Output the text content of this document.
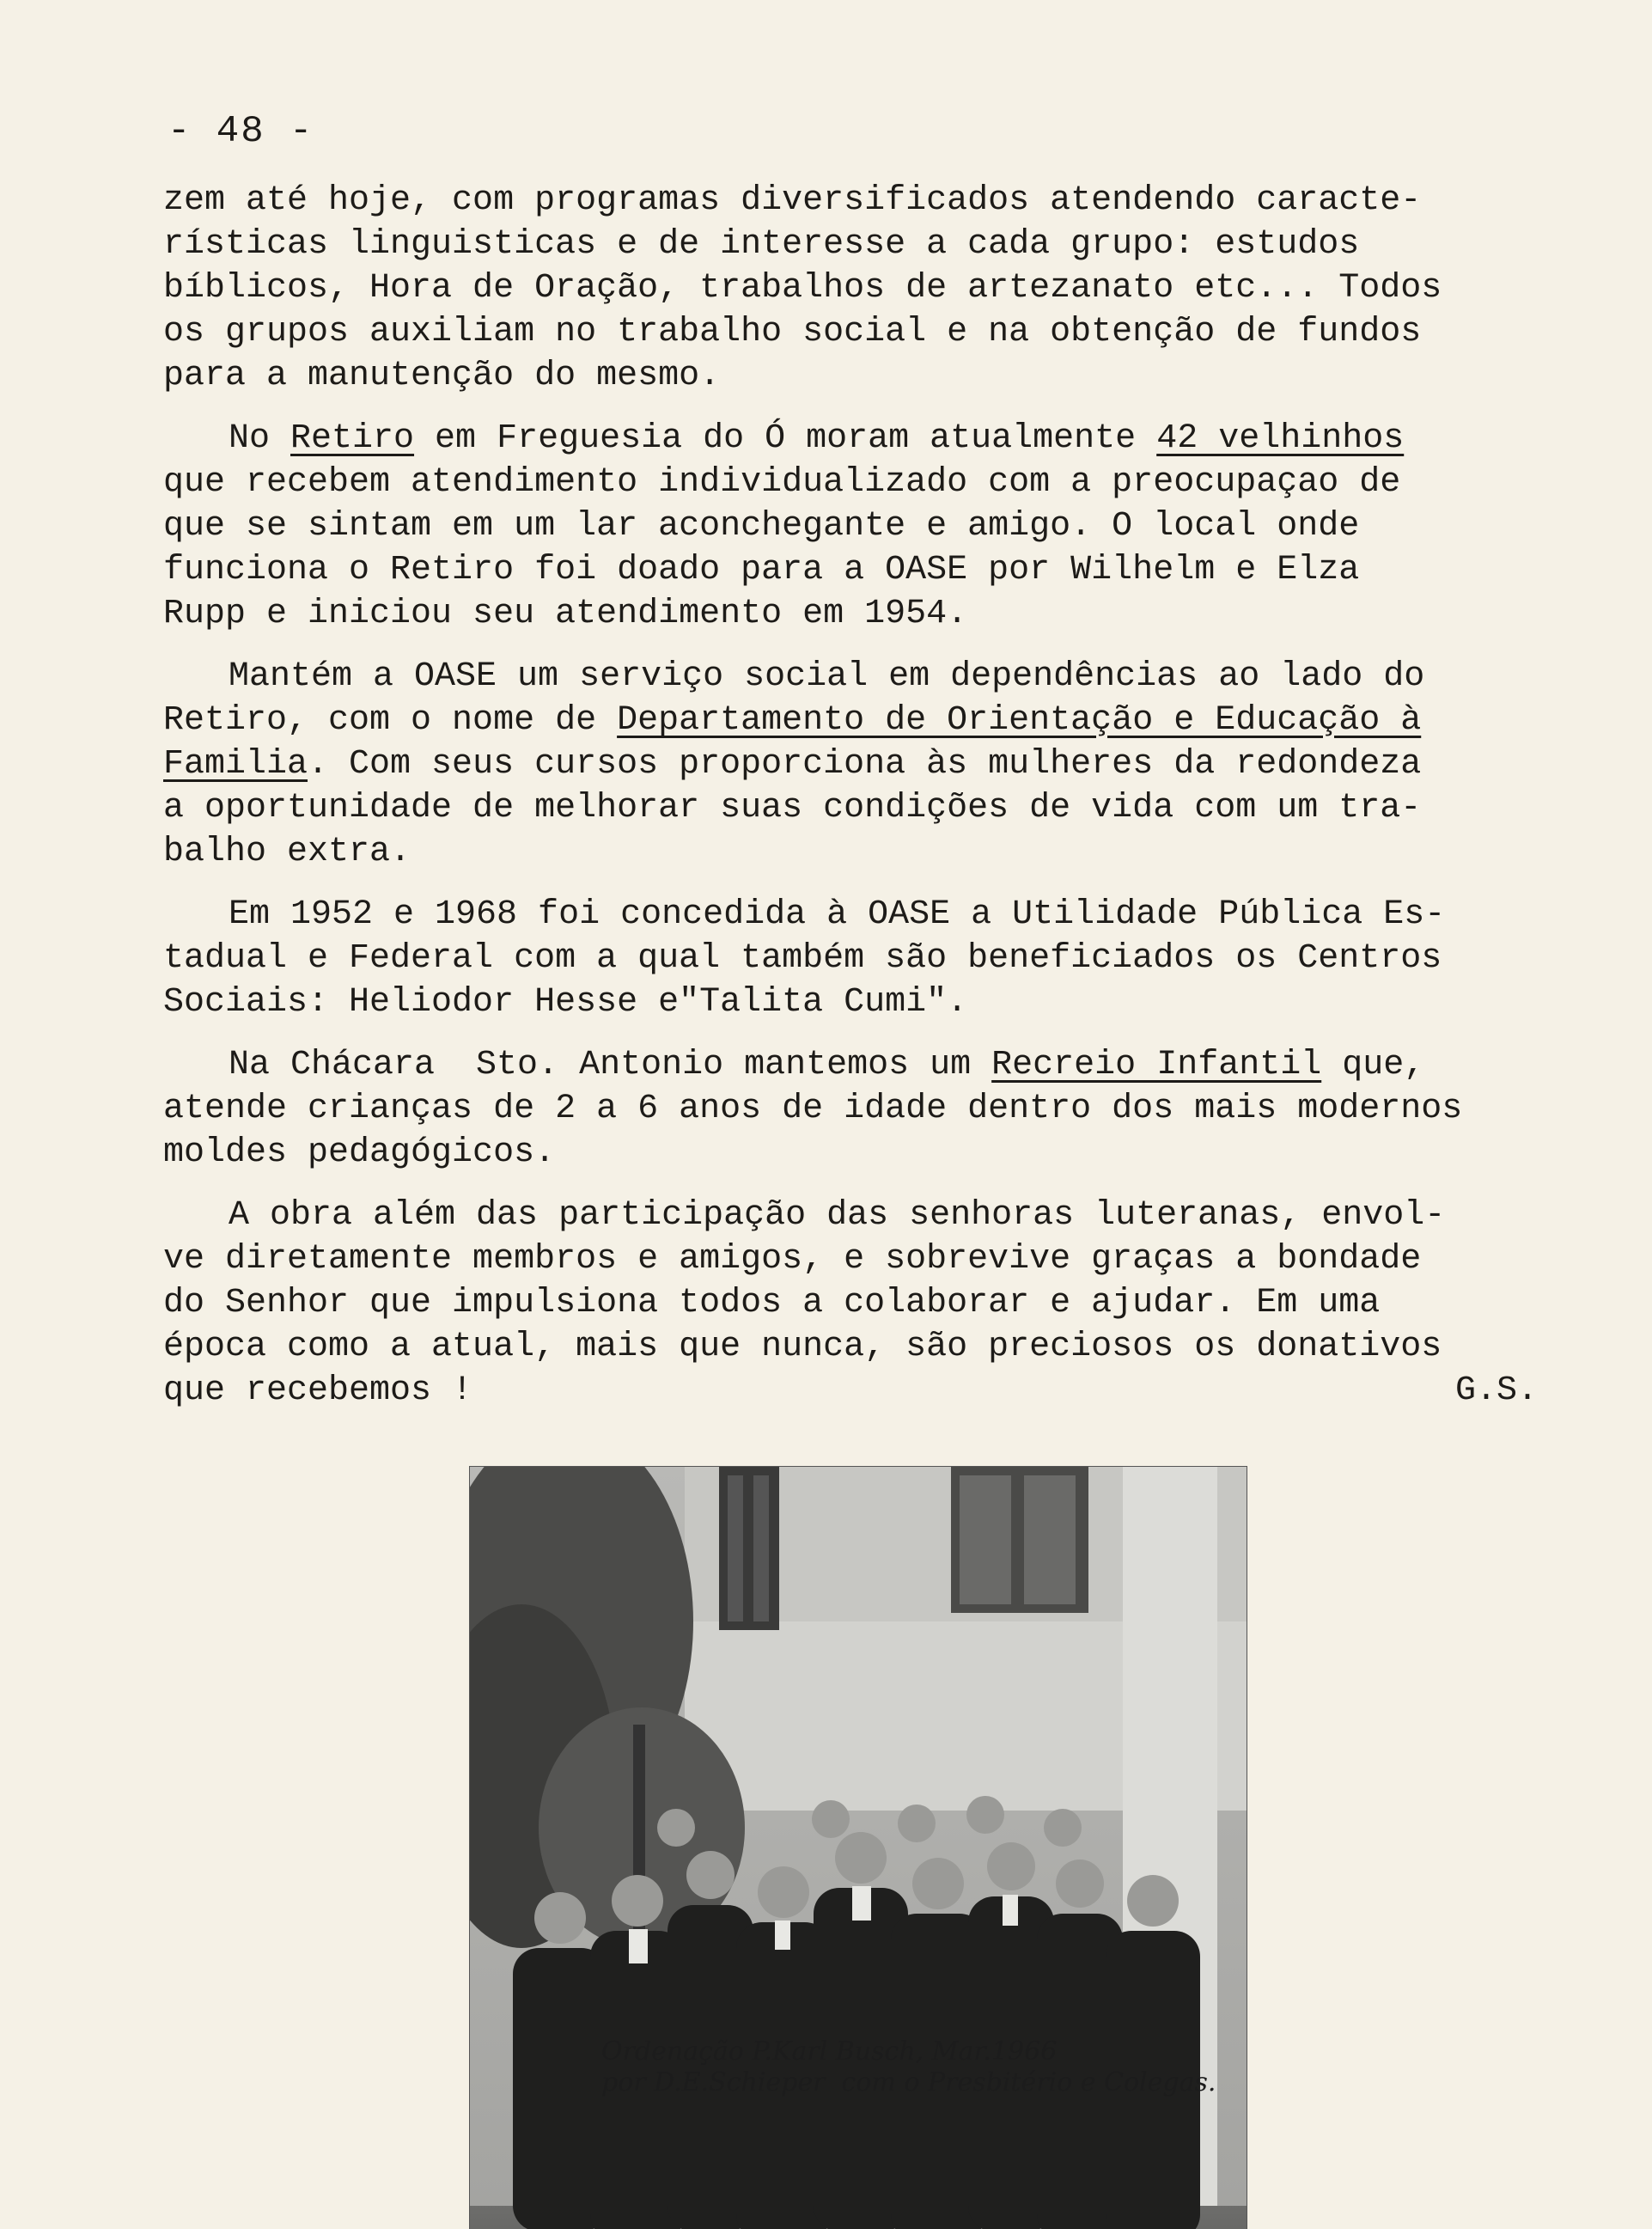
- 48 -
zem até hoje, com programas diversificados atendendo caracte-
rísticas linguisticas e de interesse a cada grupo: estudos
bíblicos, Hora de Oração, trabalhos de artezanato etc... Todos
os grupos auxiliam no trabalho social e na obtenção de fundos
para a manutenção do mesmo.
No Retiro em Freguesia do Ó moram atualmente 42 velhinhos
que recebem atendimento individualizado com a preocupaçao de
que se sintam em um lar aconchegante e amigo. O local onde
funciona o Retiro foi doado para a OASE por Wilhelm e Elza
Rupp e iniciou seu atendimento em 1954.
Mantém a OASE um serviço social em dependências ao lado do
Retiro, com o nome de Departamento de Orientação e Educação à
Familia. Com seus cursos proporciona às mulheres da redondeza
a oportunidade de melhorar suas condições de vida com um tra-
balho extra.
Em 1952 e 1968 foi concedida à OASE a Utilidade Pública Es-
tadual e Federal com a qual também são beneficiados os Centros
Sociais: Heliodor Hesse e"Talita Cumi".
Na Chácara  Sto. Antonio mantemos um Recreio Infantil que,
atende crianças de 2 a 6 anos de idade dentro dos mais modernos
moldes pedagógicos.
A obra além das participação das senhoras luteranas, envol-
ve diretamente membros e amigos, e sobrevive graças a bondade
do Senhor que impulsiona todos a colaborar e ajudar. Em uma
época como a atual, mais que nunca, são preciosos os donativos
que recebemos !	G.S.
Ordenação P.Karl Busch, Mar.1966
por D.E.Schieper  com o Presbitério e Colegas.
